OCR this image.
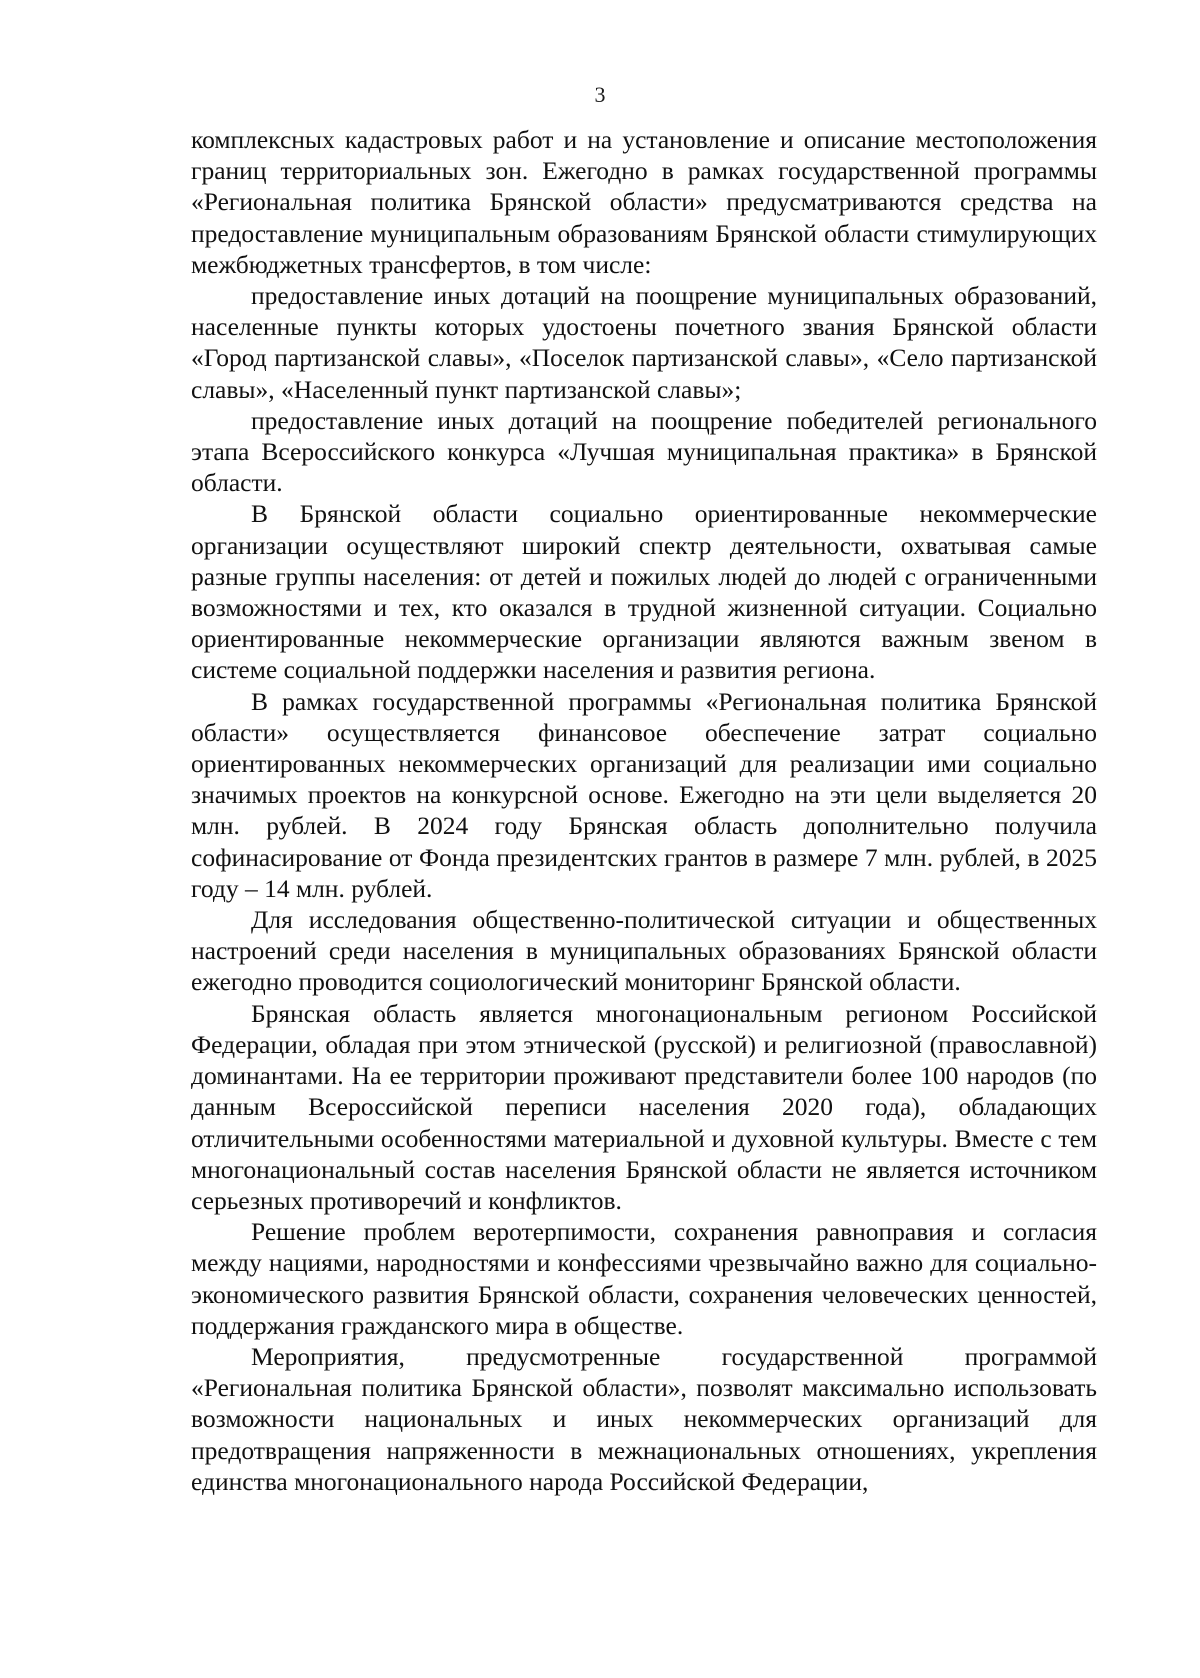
3

комплексных кадастровых работ и на установление и описание местоположения границ территориальных зон. Ежегодно в рамках государственной программы «Региональная политика Брянской области» предусматриваются средства на предоставление муниципальным образованиям Брянской области стимулирующих межбюджетных трансфертов, в том числе:

предоставление иных дотаций на поощрение муниципальных образований, населенные пункты которых удостоены почетного звания Брянской области «Город партизанской славы», «Поселок партизанской славы», «Село партизанской славы», «Населенный пункт партизанской славы»;

предоставление иных дотаций на поощрение победителей регионального этапа Всероссийского конкурса «Лучшая муниципальная практика» в Брянской области.

В Брянской области социально ориентированные некоммерческие организации осуществляют широкий спектр деятельности, охватывая самые разные группы населения: от детей и пожилых людей до людей с ограниченными возможностями и тех, кто оказался в трудной жизненной ситуации. Социально ориентированные некоммерческие организации являются важным звеном в системе социальной поддержки населения и развития региона.

В рамках государственной программы «Региональная политика Брянской области» осуществляется финансовое обеспечение затрат социально ориентированных некоммерческих организаций для реализации ими социально значимых проектов на конкурсной основе. Ежегодно на эти цели выделяется 20 млн. рублей. В 2024 году Брянская область дополнительно получила софинасирование от Фонда президентских грантов в размере 7 млн. рублей, в 2025 году – 14 млн. рублей.

Для исследования общественно-политической ситуации и общественных настроений среди населения в муниципальных образованиях Брянской области ежегодно проводится социологический мониторинг Брянской области.

Брянская область является многонациональным регионом Российской Федерации, обладая при этом этнической (русской) и религиозной (православной) доминантами. На ее территории проживают представители более 100 народов (по данным Всероссийской переписи населения 2020 года), обладающих отличительными особенностями материальной и духовной культуры. Вместе с тем многонациональный состав населения Брянской области не является источником серьезных противоречий и конфликтов.

Решение проблем веротерпимости, сохранения равноправия и согласия между нациями, народностями и конфессиями чрезвычайно важно для социально-экономического развития Брянской области, сохранения человеческих ценностей, поддержания гражданского мира в обществе.

Мероприятия, предусмотренные государственной программой «Региональная политика Брянской области», позволят максимально использовать возможности национальных и иных некоммерческих организаций для предотвращения напряженности в межнациональных отношениях, укрепления единства многонационального народа Российской Федерации,
